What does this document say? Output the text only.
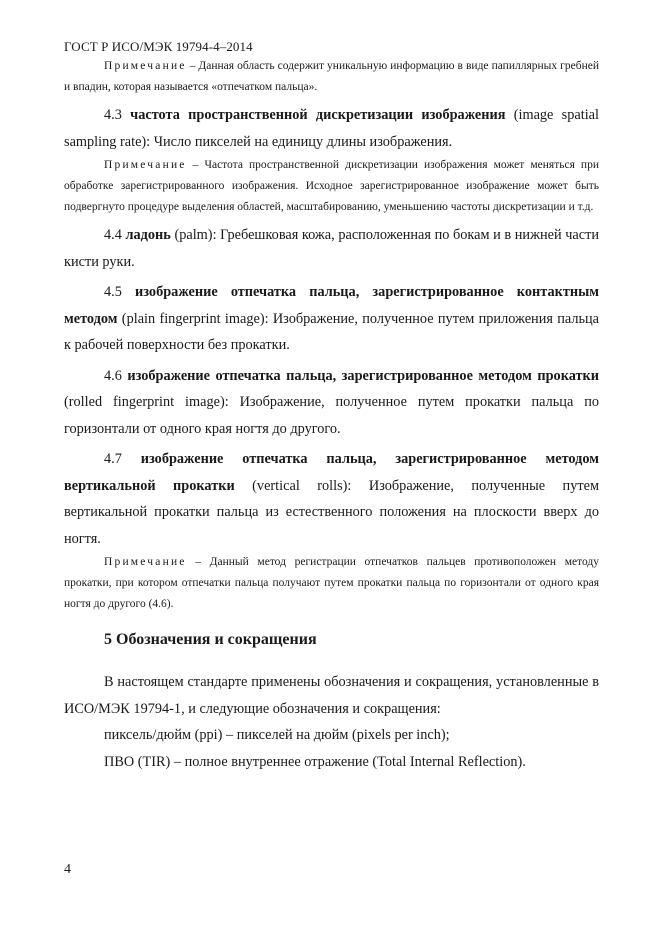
ГОСТ Р ИСО/МЭК 19794-4–2014

Примечание – Данная область содержит уникальную информацию в виде папиллярных гребней и впадин, которая называется «отпечатком пальца».

4.3 частота пространственной дискретизации изображения (image spatial sampling rate): Число пикселей на единицу длины изображения.

Примечание – Частота пространственной дискретизации изображения может меняться при обработке зарегистрированного изображения. Исходное зарегистрированное изображение может быть подвергнуто процедуре выделения областей, масштабированию, уменьшению частоты дискретизации и т.д.

4.4 ладонь (palm): Гребешковая кожа, расположенная по бокам и в нижней части кисти руки.

4.5 изображение отпечатка пальца, зарегистрированное контактным методом (plain fingerprint image): Изображение, полученное путем приложения пальца к рабочей поверхности без прокатки.

4.6 изображение отпечатка пальца, зарегистрированное методом прокатки (rolled fingerprint image): Изображение, полученное путем прокатки пальца по горизонтали от одного края ногтя до другого.

4.7 изображение отпечатка пальца, зарегистрированное методом вертикальной прокатки (vertical rolls): Изображение, полученные путем вертикальной прокатки пальца из естественного положения на плоскости вверх до ногтя.

Примечание – Данный метод регистрации отпечатков пальцев противоположен методу прокатки, при котором отпечатки пальца получают путем прокатки пальца по горизонтали от одного края ногтя до другого (4.6).

5 Обозначения и сокращения

В настоящем стандарте применены обозначения и сокращения, установленные в ИСО/МЭК 19794-1, и следующие обозначения и сокращения:

пиксель/дюйм (ppi) – пикселей на дюйм (pixels per inch);

ПВО (TIR) – полное внутреннее отражение (Total Internal Reflection).

4
